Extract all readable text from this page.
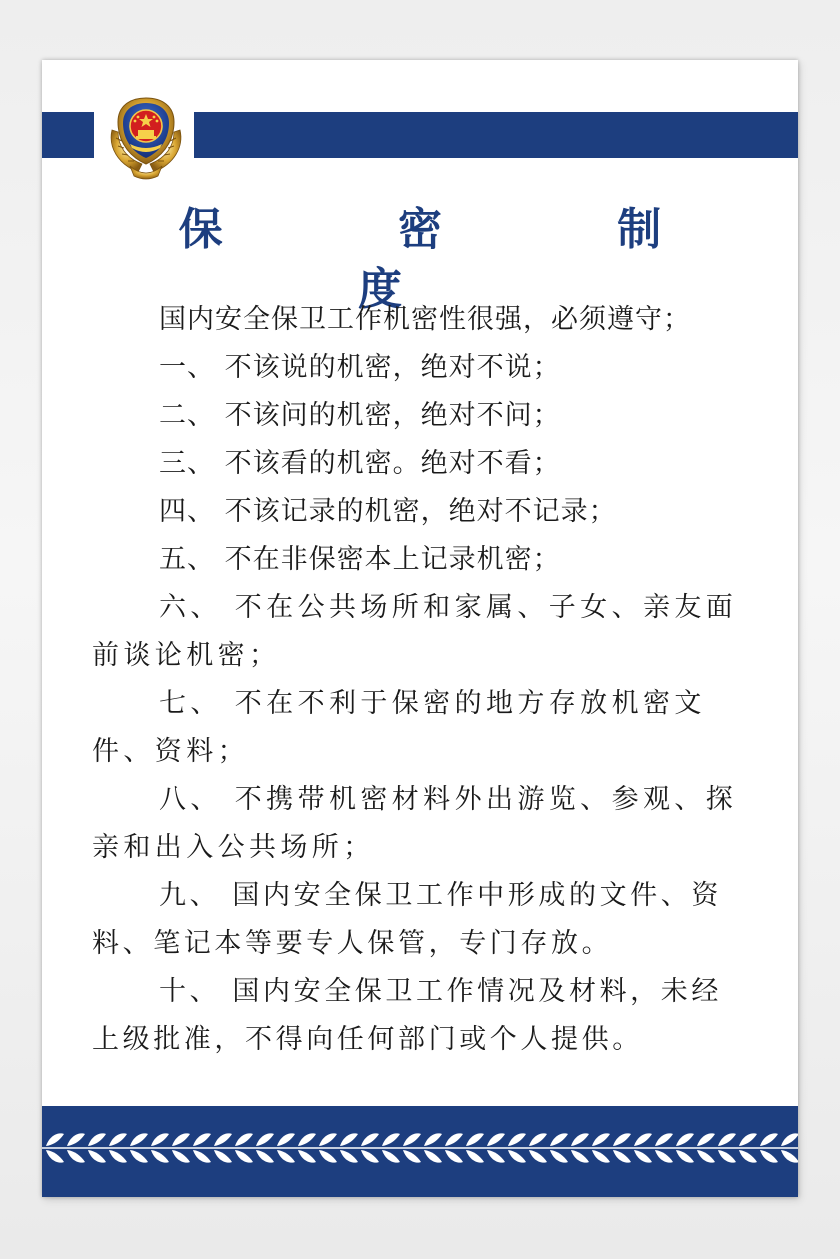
保 密 制 度

国内安全保卫工作机密性很强，必须遵守；

一、 不该说的机密，绝对不说；

二、 不该问的机密，绝对不问；

三、 不该看的机密。绝对不看；

四、 不该记录的机密，绝对不记录；

五、 不在非保密本上记录机密；

六、 不在公共场所和家属、子女、亲友面前谈论机密；

七、 不在不利于保密的地方存放机密文件、资料；

八、 不携带机密材料外出游览、参观、探亲和出入公共场所；

九、 国内安全保卫工作中形成的文件、资料、笔记本等要专人保管，专门存放。

十、 国内安全保卫工作情况及材料，未经上级批准，不得向任何部门或个人提供。
